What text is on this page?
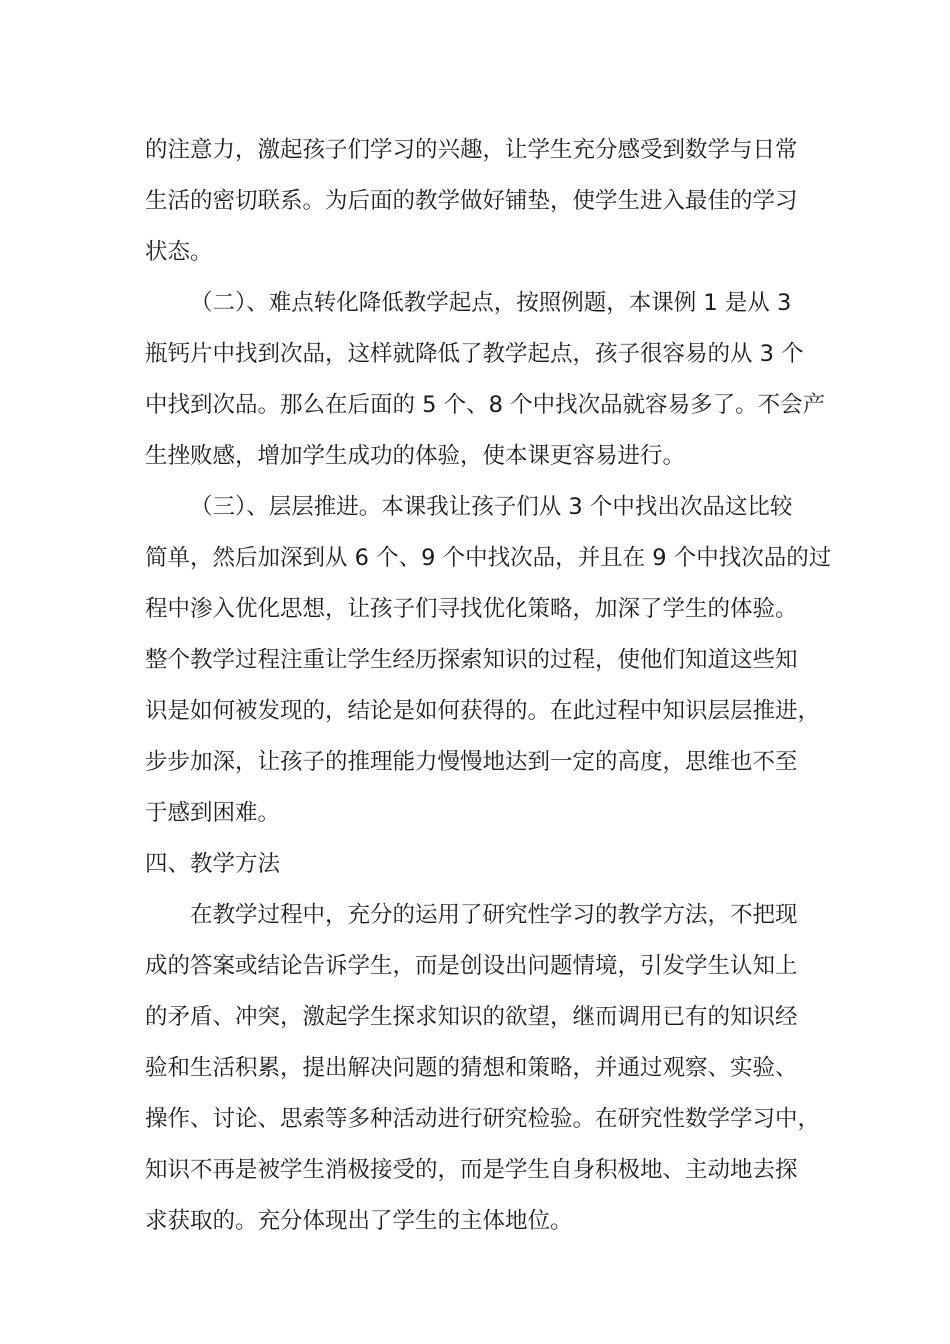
的注意力，激起孩子们学习的兴趣，让学生充分感受到数学与日常
生活的密切联系。为后面的教学做好铺垫，使学生进入最佳的学习
状态。
（二）、难点转化降低教学起点，按照例题，本课例 1 是从 3
瓶钙片中找到次品，这样就降低了教学起点，孩子很容易的从 3 个
中找到次品。那么在后面的 5 个、8 个中找次品就容易多了。不会产
生挫败感，增加学生成功的体验，使本课更容易进行。
（三）、层层推进。本课我让孩子们从 3 个中找出次品这比较
简单，然后加深到从 6 个、9 个中找次品，并且在 9 个中找次品的过
程中渗入优化思想，让孩子们寻找优化策略，加深了学生的体验。
整个教学过程注重让学生经历探索知识的过程，使他们知道这些知
识是如何被发现的，结论是如何获得的。在此过程中知识层层推进，
步步加深，让孩子的推理能力慢慢地达到一定的高度，思维也不至
于感到困难。
四、教学方法
在教学过程中，充分的运用了研究性学习的教学方法，不把现
成的答案或结论告诉学生，而是创设出问题情境，引发学生认知上
的矛盾、冲突，激起学生探求知识的欲望，继而调用已有的知识经
验和生活积累，提出解决问题的猜想和策略，并通过观察、实验、
操作、讨论、思索等多种活动进行研究检验。在研究性数学学习中，
知识不再是被学生消极接受的，而是学生自身积极地、主动地去探
求获取的。充分体现出了学生的主体地位。
